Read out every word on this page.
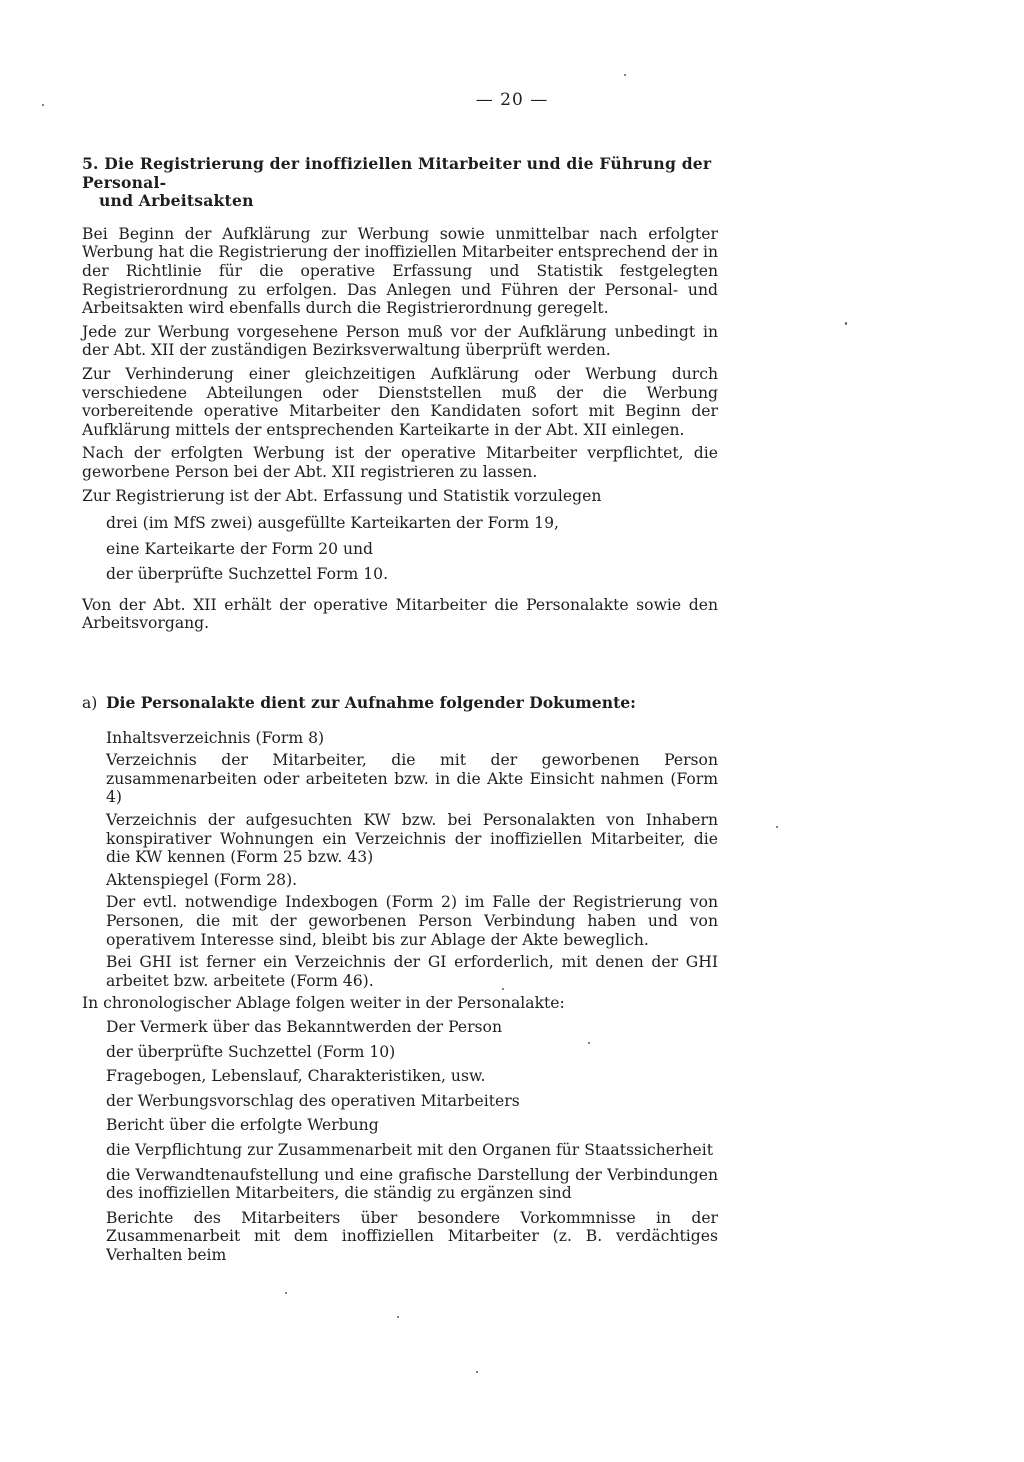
— 20 —

5. Die Registrierung der inoffiziellen Mitarbeiter und die Führung der Personal-
und Arbeitsakten

Bei Beginn der Aufklärung zur Werbung sowie unmittelbar nach erfolgter Werbung hat die Registrierung der inoffiziellen Mitarbeiter entsprechend der in der Richtlinie für die operative Erfassung und Statistik festgelegten Registrierordnung zu erfolgen. Das Anlegen und Führen der Personal- und Arbeitsakten wird ebenfalls durch die Registrierordnung geregelt.

Jede zur Werbung vorgesehene Person muß vor der Aufklärung unbedingt in der Abt. XII der zuständigen Bezirksverwaltung überprüft werden.

Zur Verhinderung einer gleichzeitigen Aufklärung oder Werbung durch verschiedene Abteilungen oder Dienststellen muß der die Werbung vorbereitende operative Mitarbeiter den Kandidaten sofort mit Beginn der Aufklärung mittels der entsprechenden Karteikarte in der Abt. XII einlegen.

Nach der erfolgten Werbung ist der operative Mitarbeiter verpflichtet, die geworbene Person bei der Abt. XII registrieren zu lassen.

Zur Registrierung ist der Abt. Erfassung und Statistik vorzulegen

drei (im MfS zwei) ausgefüllte Karteikarten der Form 19,

eine Karteikarte der Form 20 und

der überprüfte Suchzettel Form 10.

Von der Abt. XII erhält der operative Mitarbeiter die Personalakte sowie den Arbeitsvorgang.

a) Die Personalakte dient zur Aufnahme folgender Dokumente:

Inhaltsverzeichnis (Form 8)
Verzeichnis der Mitarbeiter, die mit der geworbenen Person zusammenarbeiten oder arbeiteten bzw. in die Akte Einsicht nahmen (Form 4)
Verzeichnis der aufgesuchten KW bzw. bei Personalakten von Inhabern konspirativer Wohnungen ein Verzeichnis der inoffiziellen Mitarbeiter, die die KW kennen (Form 25 bzw. 43)
Aktenspiegel (Form 28).
Der evtl. notwendige Indexbogen (Form 2) im Falle der Registrierung von Personen, die mit der geworbenen Person Verbindung haben und von operativem Interesse sind, bleibt bis zur Ablage der Akte beweglich.
Bei GHI ist ferner ein Verzeichnis der GI erforderlich, mit denen der GHI arbeitet bzw. arbeitete (Form 46).

In chronologischer Ablage folgen weiter in der Personalakte:

Der Vermerk über das Bekanntwerden der Person
der überprüfte Suchzettel (Form 10)
Fragebogen, Lebenslauf, Charakteristiken, usw.
der Werbungsvorschlag des operativen Mitarbeiters
Bericht über die erfolgte Werbung
die Verpflichtung zur Zusammenarbeit mit den Organen für Staatssicherheit
die Verwandtenaufstellung und eine grafische Darstellung der Verbindungen des inoffiziellen Mitarbeiters, die ständig zu ergänzen sind
Berichte des Mitarbeiters über besondere Vorkommnisse in der Zusammenarbeit mit dem inoffiziellen Mitarbeiter (z. B. verdächtiges Verhalten beim
